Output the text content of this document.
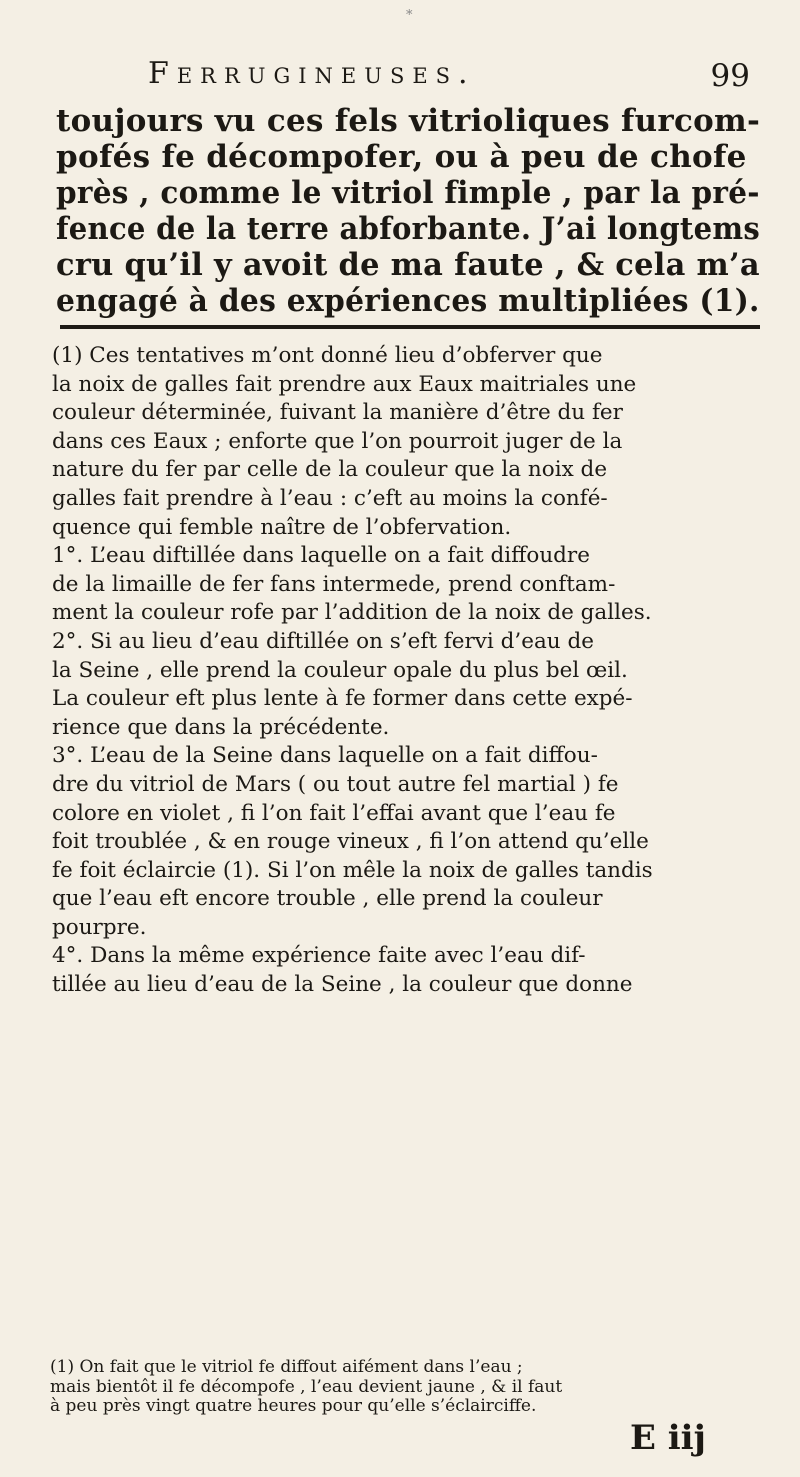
*
Ferrugineuses.	99
toujours vu ces fels vitrioliques furcom-
pofés fe décompofer, ou à peu de chofe
près , comme le vitriol fimple , par la pré-
fence de la terre abforbante. J’ai longtems
cru qu’il y avoit de ma faute , & cela m’a
engagé à des expériences multipliées (1).
(1) Ces tentatives m’ont donné lieu d’obferver que
la noix de galles fait prendre aux Eaux maitriales une
couleur déterminée, fuivant la manière d’être du fer
dans ces Eaux ; enforte que l’on pourroit juger de la
nature du fer par celle de la couleur que la noix de
galles fait prendre à l’eau : c’eft au moins la confé-
quence qui femble naître de l’obfervation.
1°. L’eau diftillée dans laquelle on a fait diffoudre
de la limaille de fer fans intermede, prend conftam-
ment la couleur rofe par l’addition de la noix de galles.
2°. Si au lieu d’eau diftillée on s’eft fervi d’eau de
la Seine , elle prend la couleur opale du plus bel œil.
La couleur eft plus lente à fe former dans cette expé-
rience que dans la précédente.
3°. L’eau de la Seine dans laquelle on a fait diffou-
dre du vitriol de Mars ( ou tout autre fel martial ) fe
colore en violet , fi l’on fait l’effai avant que l’eau fe
foit troublée , & en rouge vineux , fi l’on attend qu’elle
fe foit éclaircie (1). Si l’on mêle la noix de galles tandis
que l’eau eft encore trouble , elle prend la couleur
pourpre.
4°. Dans la même expérience faite avec l’eau dif-
tillée au lieu d’eau de la Seine , la couleur que donne
(1) On fait que le vitriol fe diffout aifément dans l’eau ;
mais bientôt il fe décompofe , l’eau devient jaune , & il faut
à peu près vingt quatre heures pour qu’elle s’éclairciffe.
E iij
